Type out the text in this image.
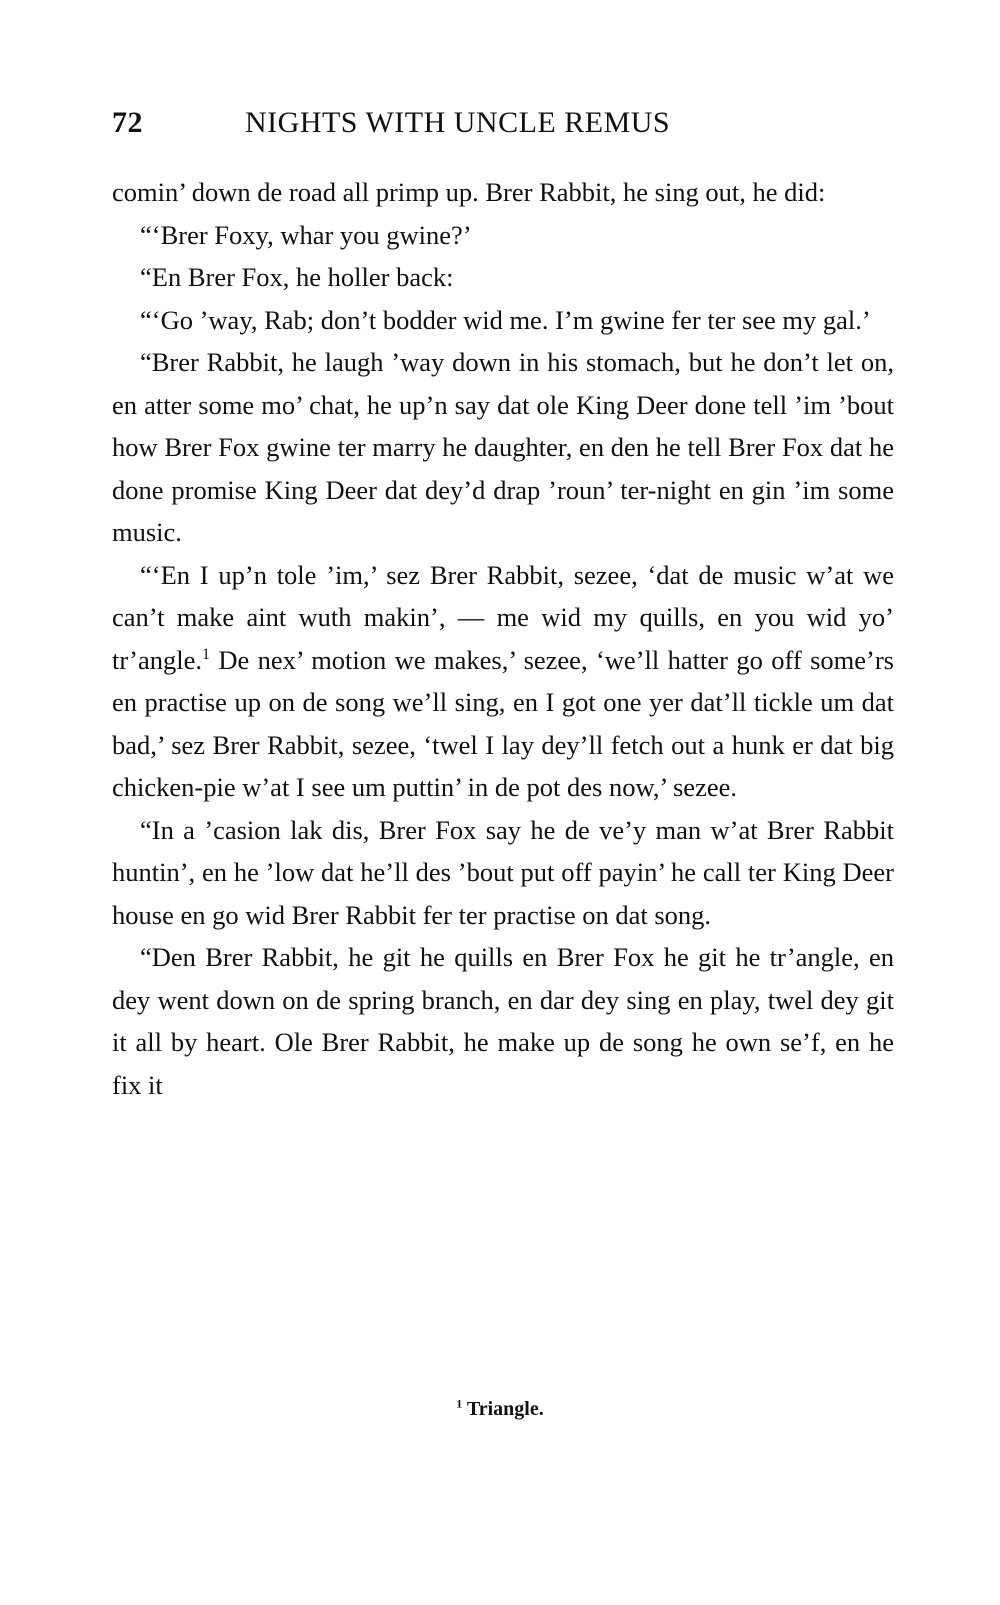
72	NIGHTS WITH UNCLE REMUS

comin’ down de road all primp up. Brer Rabbit, he sing out, he did:

“‘Brer Foxy, whar you gwine?’

“En Brer Fox, he holler back:

“‘Go ’way, Rab; don’t bodder wid me. I’m gwine fer ter see my gal.’

“Brer Rabbit, he laugh ’way down in his stomach, but he don’t let on, en atter some mo’ chat, he up’n say dat ole King Deer done tell ’im ’bout how Brer Fox gwine ter marry he daughter, en den he tell Brer Fox dat he done promise King Deer dat dey’d drap ’roun’ ter-night en gin ’im some music.

“‘En I up’n tole ’im,’ sez Brer Rabbit, sezee, ‘dat de music w’at we can’t make aint wuth makin’, — me wid my quills, en you wid yo’ tr’angle.$^1$ De nex’ motion we makes,’ sezee, ‘we’ll hatter go off some’rs en practise up on de song we’ll sing, en I got one yer dat’ll tickle um dat bad,’ sez Brer Rabbit, sezee, ‘twel I lay dey’ll fetch out a hunk er dat big chicken-pie w’at I see um puttin’ in de pot des now,’ sezee.

“In a ’casion lak dis, Brer Fox say he de ve’y man w’at Brer Rabbit huntin’, en he ’low dat he’ll des ’bout put off payin’ he call ter King Deer house en go wid Brer Rabbit fer ter practise on dat song.

“Den Brer Rabbit, he git he quills en Brer Fox he git he tr’angle, en dey went down on de spring branch, en dar dey sing en play, twel dey git it all by heart. Ole Brer Rabbit, he make up de song he own se’f, en he fix it

$^1$ Triangle.
